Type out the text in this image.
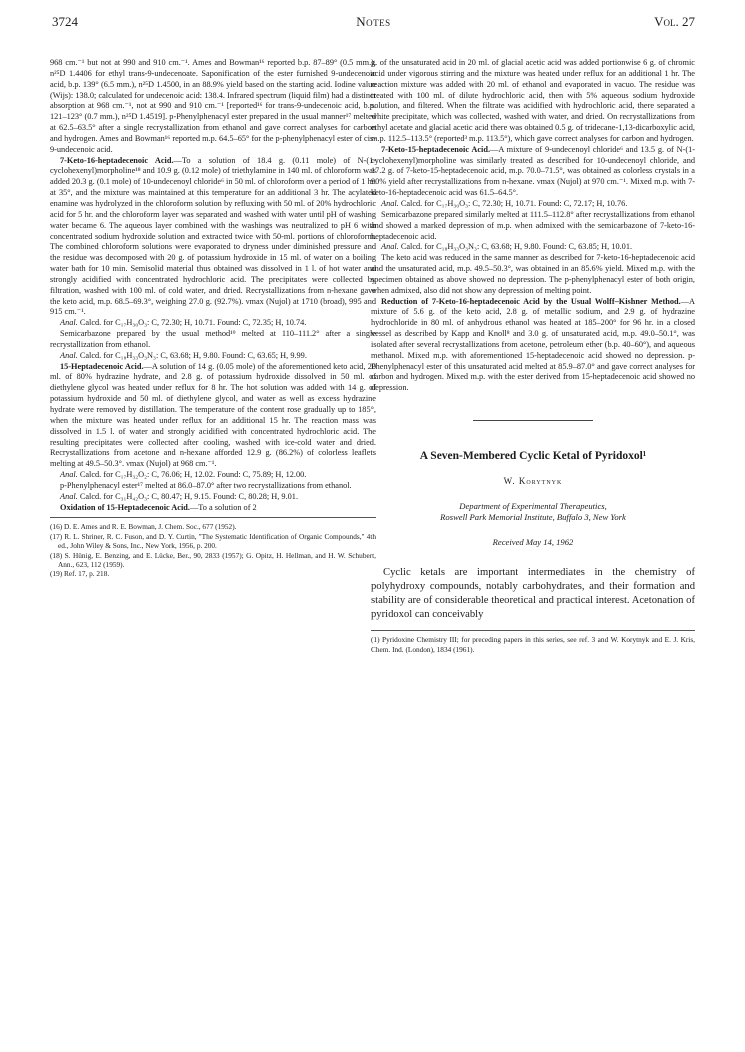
3724	Notes	Vol. 27

968 cm.⁻¹ but not at 990 and 910 cm.⁻¹. Ames and Bowman¹⁶ reported b.p. 87–89° (0.5 mm.), n²⁵D 1.4406 for ethyl trans-9-undecenoate. Saponification of the ester furnished 9-undecenoic acid, b.p. 139° (6.5 mm.), n²⁵D 1.4500, in an 88.9% yield based on the starting acid. Iodine value (Wijs): 138.0; calculated for undecenoic acid: 138.4. Infrared spectrum (liquid film) had a distinct absorption at 968 cm.⁻¹, not at 990 and 910 cm.⁻¹ [reported¹⁶ for trans-9-undecenoic acid, b.p. 121–123° (0.7 mm.), n²⁵D 1.4519]. p-Phenylphenacyl ester prepared in the usual manner¹⁷ melted at 62.5–63.5° after a single recrystallization from ethanol and gave correct analyses for carbon and hydrogen. Ames and Bowman¹⁶ reported m.p. 64.5–65° for the p-phenylphenacyl ester of cis-9-undecenoic acid.

7-Keto-16-heptadecenoic Acid.—To a solution of 18.4 g. (0.11 mole) of N-(1-cyclohexenyl)morpholine¹⁸ and 10.9 g. (0.12 mole) of triethylamine in 140 ml. of chloroform was added 20.3 g. (0.1 mole) of 10-undecenoyl chloride⁶ in 50 ml. of chloroform over a period of 1 hr. at 35°, and the mixture was maintained at this temperature for an additional 3 hr. The acylated enamine was hydrolyzed in the chloroform solution by refluxing with 50 ml. of 20% hydrochloric acid for 5 hr. and the chloroform layer was separated and washed with water until pH of washing water became 6. The aqueous layer combined with the washings was neutralized to pH 6 with concentrated sodium hydroxide solution and extracted twice with 50-ml. portions of chloroform. The combined chloroform solutions were evaporated to dryness under diminished pressure and the residue was decomposed with 20 g. of potassium hydroxide in 15 ml. of water on a boiling water bath for 10 min. Semisolid material thus obtained was dissolved in 1 l. of hot water and strongly acidified with concentrated hydrochloric acid. The precipitates were collected by filtration, washed with 100 ml. of cold water, and dried. Recrystallizations from n-hexane gave the keto acid, m.p. 68.5–69.3°, weighing 27.0 g. (92.7%). νmax (Nujol) at 1710 (broad), 995 and 915 cm.⁻¹.

Anal. Calcd. for C₁₇H₃₀O₃: C, 72.30; H, 10.71. Found: C, 72.35; H, 10.74.

Semicarbazone prepared by the usual method¹⁹ melted at 110–111.2° after a single recrystallization from ethanol.

Anal. Calcd. for C₁₈H₃₃O₃N₃: C, 63.68; H, 9.80. Found: C, 63.65; H, 9.99.

15-Heptadecenoic Acid.—A solution of 14 g. (0.05 mole) of the aforementioned keto acid, 20 ml. of 80% hydrazine hydrate, and 2.8 g. of potassium hydroxide dissolved in 50 ml. of diethylene glycol was heated under reflux for 8 hr. The hot solution was added with 14 g. of potassium hydroxide and 50 ml. of diethylene glycol, and water as well as excess hydrazine hydrate were removed by distillation. The temperature of the content rose gradually up to 185°, when the mixture was heated under reflux for an additional 15 hr. The reaction mass was dissolved in 1.5 l. of water and strongly acidified with concentrated hydrochloric acid. The resulting precipitates were collected after cooling, washed with ice-cold water and dried. Recrystallizations from acetone and n-hexane afforded 12.9 g. (86.2%) of colorless leaflets melting at 49.5–50.3°. νmax (Nujol) at 968 cm.⁻¹.

Anal. Calcd. for C₁₇H₃₂O₂: C, 76.06; H, 12.02. Found: C, 75.89; H, 12.00.

p-Phenylphenacyl ester¹⁷ melted at 86.0–87.0° after two recrystallizations from ethanol.

Anal. Calcd. for C₃₁H₄₂O₃: C, 80.47; H, 9.15. Found: C, 80.28; H, 9.01.

Oxidation of 15-Heptadecenoic Acid.—To a solution of 2

(16) D. E. Ames and R. E. Bowman, J. Chem. Soc., 677 (1952).

(17) R. L. Shriner, R. C. Fuson, and D. Y. Curtin, "The Systematic Identification of Organic Compounds," 4th ed., John Wiley & Sons, Inc., New York, 1956, p. 200.

(18) S. Hünig, E. Benzing, and E. Lücke, Ber., 90, 2833 (1957); G. Opitz, H. Hellman, and H. W. Schubert, Ann., 623, 112 (1959).

(19) Ref. 17, p. 218.

g. of the unsaturated acid in 20 ml. of glacial acetic acid was added portionwise 6 g. of chromic acid under vigorous stirring and the mixture was heated under reflux for an additional 1 hr. The reaction mixture was added with 20 ml. of ethanol and evaporated in vacuo. The residue was treated with 100 ml. of dilute hydrochloric acid, then with 5% aqueous sodium hydroxide solution, and filtered. When the filtrate was acidified with hydrochloric acid, there separated a white precipitate, which was collected, washed with water, and dried. On recrystallizations from ethyl acetate and glacial acetic acid there was obtained 0.5 g. of tridecane-1,13-dicarboxylic acid, m.p. 112.5–113.5° (reported³ m.p. 113.5°), which gave correct analyses for carbon and hydrogen.

7-Keto-15-heptadecenoic Acid.—A mixture of 9-undecenoyl chloride⁶ and 13.5 g. of N-(1-cyclohexenyl)morpholine was similarly treated as described for 10-undecenoyl chloride, and 17.2 g. of 7-keto-15-heptadecenoic acid, m.p. 70.0–71.5°, was obtained as colorless crystals in a 90% yield after recrystallizations from n-hexane. νmax (Nujol) at 970 cm.⁻¹. Mixed m.p. with 7-keto-16-heptadecenoic acid was 61.5–64.5°.

Anal. Calcd. for C₁₇H₃₀O₃: C, 72.30; H, 10.71. Found: C, 72.17; H, 10.76.

Semicarbazone prepared similarly melted at 111.5–112.8° after recrystallizations from ethanol and showed a marked depression of m.p. when admixed with the semicarbazone of 7-keto-16-heptadecenoic acid.

Anal. Calcd. for C₁₈H₃₃O₃N₃: C, 63.68; H, 9.80. Found: C, 63.85; H, 10.01.

The keto acid was reduced in the same manner as described for 7-keto-16-heptadecenoic acid and the unsaturated acid, m.p. 49.5–50.3°, was obtained in an 85.6% yield. Mixed m.p. with the specimen obtained as above showed no depression. The p-phenylphenacyl ester of both origin, when admixed, also did not show any depression of melting point.

Reduction of 7-Keto-16-heptadecenoic Acid by the Usual Wolff–Kishner Method.—A mixture of 5.6 g. of the keto acid, 2.8 g. of metallic sodium, and 2.9 g. of hydrazine hydrochloride in 80 ml. of anhydrous ethanol was heated at 185–200° for 96 hr. in a closed vessel as described by Kapp and Knoll⁸ and 3.0 g. of unsaturated acid, m.p. 49.0–50.1°, was isolated after several recrystallizations from acetone, petroleum ether (b.p. 40–60°), and aqueous methanol. Mixed m.p. with aforementioned 15-heptadecenoic acid showed no depression. p-Phenylphenacyl ester of this unsaturated acid melted at 85.9–87.0° and gave correct analyses for carbon and hydrogen. Mixed m.p. with the ester derived from 15-heptadecenoic acid showed no depression.

A Seven-Membered Cyclic Ketal of Pyridoxol¹
W. Korytnyk
Department of Experimental Therapeutics,
Roswell Park Memorial Institute, Buffalo 3, New York
Received May 14, 1962
Cyclic ketals are important intermediates in the chemistry of polyhydroxy compounds, notably carbohydrates, and their formation and stability are of considerable theoretical and practical interest. Acetonation of pyridoxol can conceivably
(1) Pyridoxine Chemistry III; for preceding papers in this series, see ref. 3 and W. Korytnyk and E. J. Kris, Chem. Ind. (London), 1834 (1961).
